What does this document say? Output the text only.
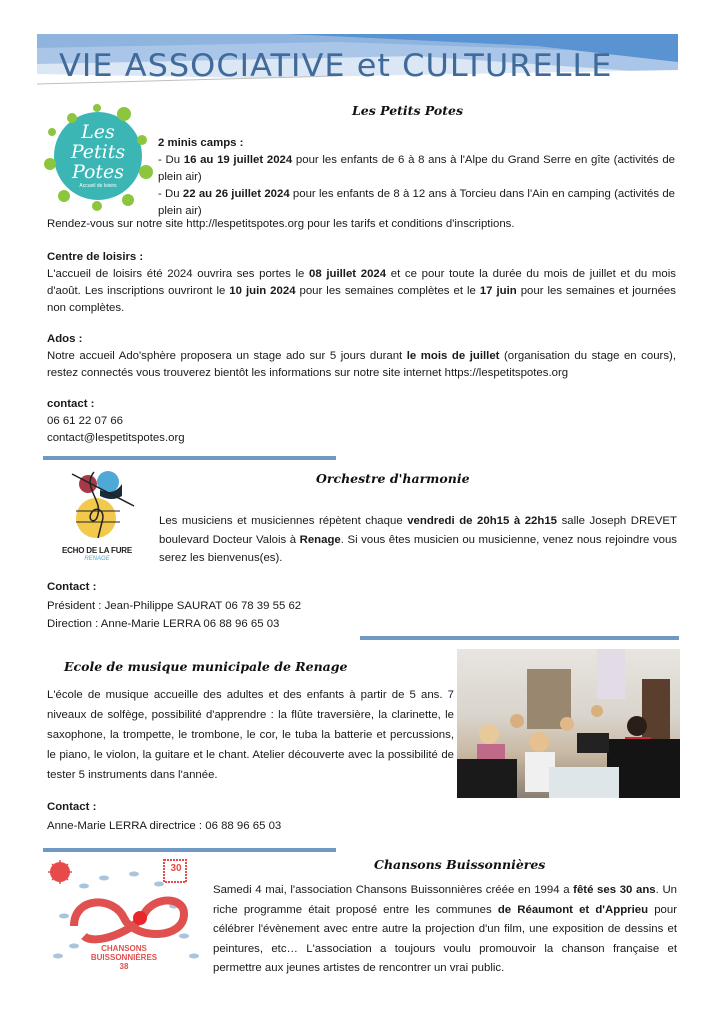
VIE ASSOCIATIVE et CULTURELLE
Les
Petits
Potes
Accueil de loisirs
Les Petits Potes

2 minis camps :

- Du 16 au 19 juillet 2024 pour les enfants de 6 à 8 ans à l'Alpe du Grand Serre en gîte (activités de plein air)

- Du 22 au 26 juillet 2024 pour les enfants de 8 à 12 ans à Torcieu dans l'Ain en camping (activités de plein air)

Rendez-vous sur notre site http://lespetitspotes.org pour les tarifs et conditions d'inscriptions.

Centre de loisirs :

L'accueil de loisirs été 2024 ouvrira ses portes le 08 juillet 2024 et ce pour toute la durée du mois de juillet et du mois d'août. Les inscriptions ouvriront le 10 juin 2024 pour les semaines complètes et le 17 juin pour les semaines et journées non complètes.

Ados :

Notre accueil Ado'sphère proposera un stage ado sur 5 jours durant le mois de juillet (organisation du stage en cours), restez connectés vous trouverez bientôt les informations sur notre site internet https://lespetitspotes.org

contact :

06 61 22 07 66

contact@lespetitspotes.org

ECHO DE LA FURE
RENAGE
Orchestre d'harmonie
Les musiciens et musiciennes répètent chaque vendredi de 20h15 à 22h15 salle Joseph DREVET boulevard Docteur Valois à Renage. Si vous êtes musicien ou musicienne, venez nous rejoindre vous serez les bienvenus(es).

Contact :

Président : Jean-Philippe SAURAT 06 78 39 55 62

Direction : Anne-Marie LERRA 06 88 96 65 03

Ecole de musique municipale de Renage
L'école de musique accueille des adultes et des enfants à partir de 5 ans. 7 niveaux de solfège, possibilité d'apprendre : la flûte traversière, la clarinette, le saxophone, la trompette, le trombone, le cor, le tuba la batterie et percussions, le piano, le violon, la guitare et le chant. Atelier découverte avec la possibilité de tester 5 instruments dans l'année.

Contact :

Anne-Marie LERRA directrice : 06 88 96 65 03

30
CHANSONS
BUISSONNIÈRES
38
Chansons Buissonnières
Samedi 4 mai, l'association Chansons Buissonnières créée en 1994 a fêté ses 30 ans. Un riche programme était proposé entre les communes de Réaumont et d'Apprieu pour célébrer l'évènement avec entre autre la projection d'un film, une exposition de dessins et peintures, etc… L'association a toujours voulu promouvoir la chanson française et permettre aux jeunes artistes de rencontrer un vrai public.
